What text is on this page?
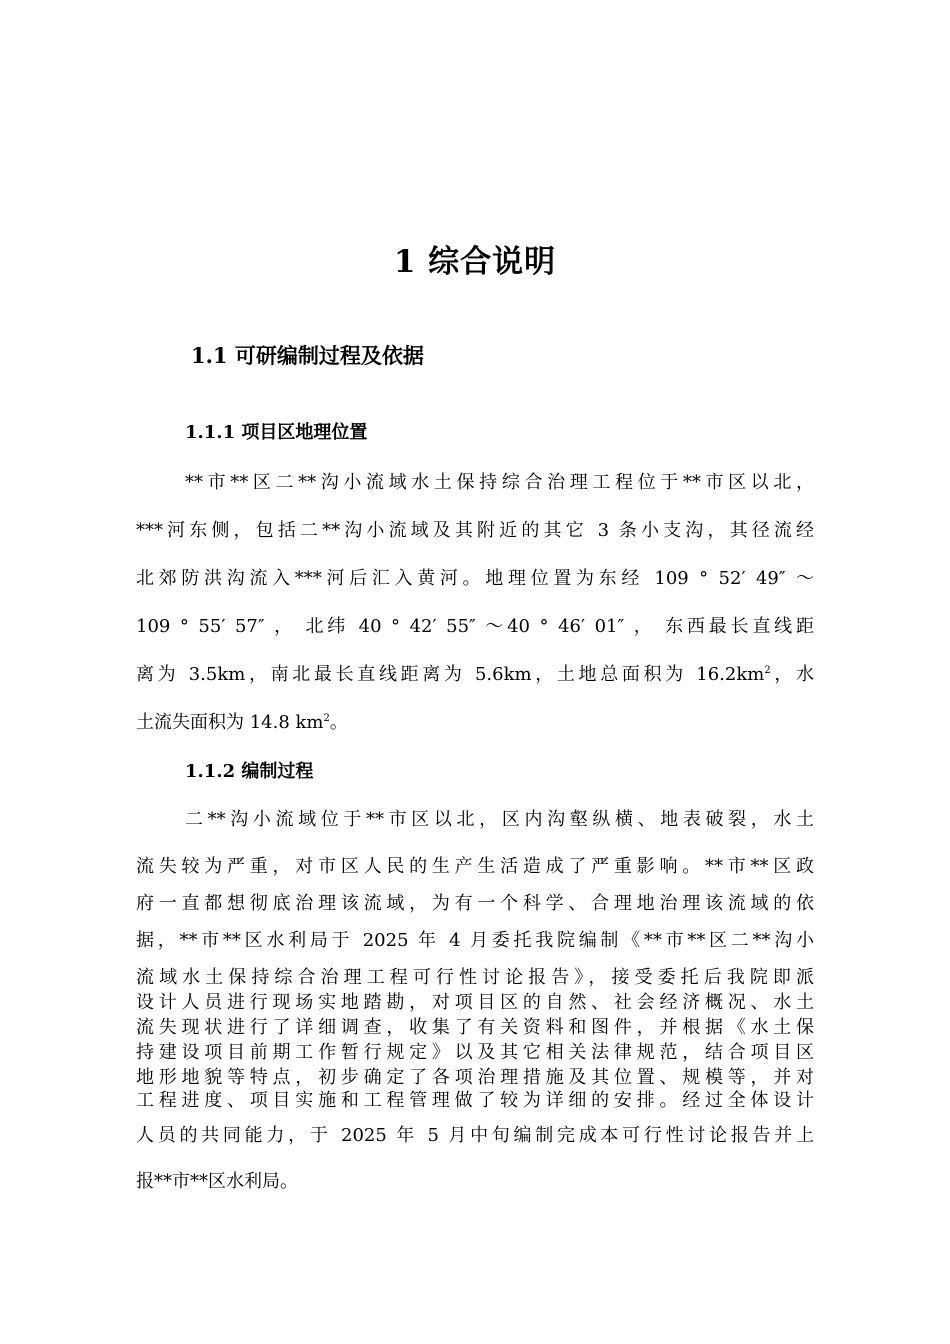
1 综合说明
1.1 可研编制过程及依据
1.1.1 项目区地理位置
**市**区二**沟小流域水土保持综合治理工程位于**市区以北，
***河东侧，包括二**沟小流域及其附近的其它 3 条小支沟，其径流经
北郊防洪沟流入***河后汇入黄河。地理位置为东经 109 ° 52′ 49″ ～
109 ° 55′ 57″ ， 北纬 40 ° 42′ 55″ ～40 ° 46′ 01″ ， 东西最长直线距
离为 3.5km，南北最长直线距离为 5.6km，土地总面积为 $16.2km^2$，水
土流失面积为 14.8 $km^2$。
1.1.2 编制过程
二**沟小流域位于**市区以北，区内沟壑纵横、地表破裂，水土
流失较为严重，对市区人民的生产生活造成了严重影响。**市**区政
府一直都想彻底治理该流域，为有一个科学、合理地治理该流域的依
据，**市**区水利局于 2025 年 4 月委托我院编制《**市**区二**沟小
流域水土保持综合治理工程可行性讨论报告》，接受委托后我院即派
设计人员进行现场实地踏勘，对项目区的自然、社会经济概况、水土
流失现状进行了详细调查，收集了有关资料和图件，并根据《水土保
持建设项目前期工作暂行规定》以及其它相关法律规范，结合项目区
地形地貌等特点，初步确定了各项治理措施及其位置、规模等，并对
工程进度、项目实施和工程管理做了较为详细的安排。经过全体设计
人员的共同能力，于 2025 年 5 月中旬编制完成本可行性讨论报告并上
报**市**区水利局。
